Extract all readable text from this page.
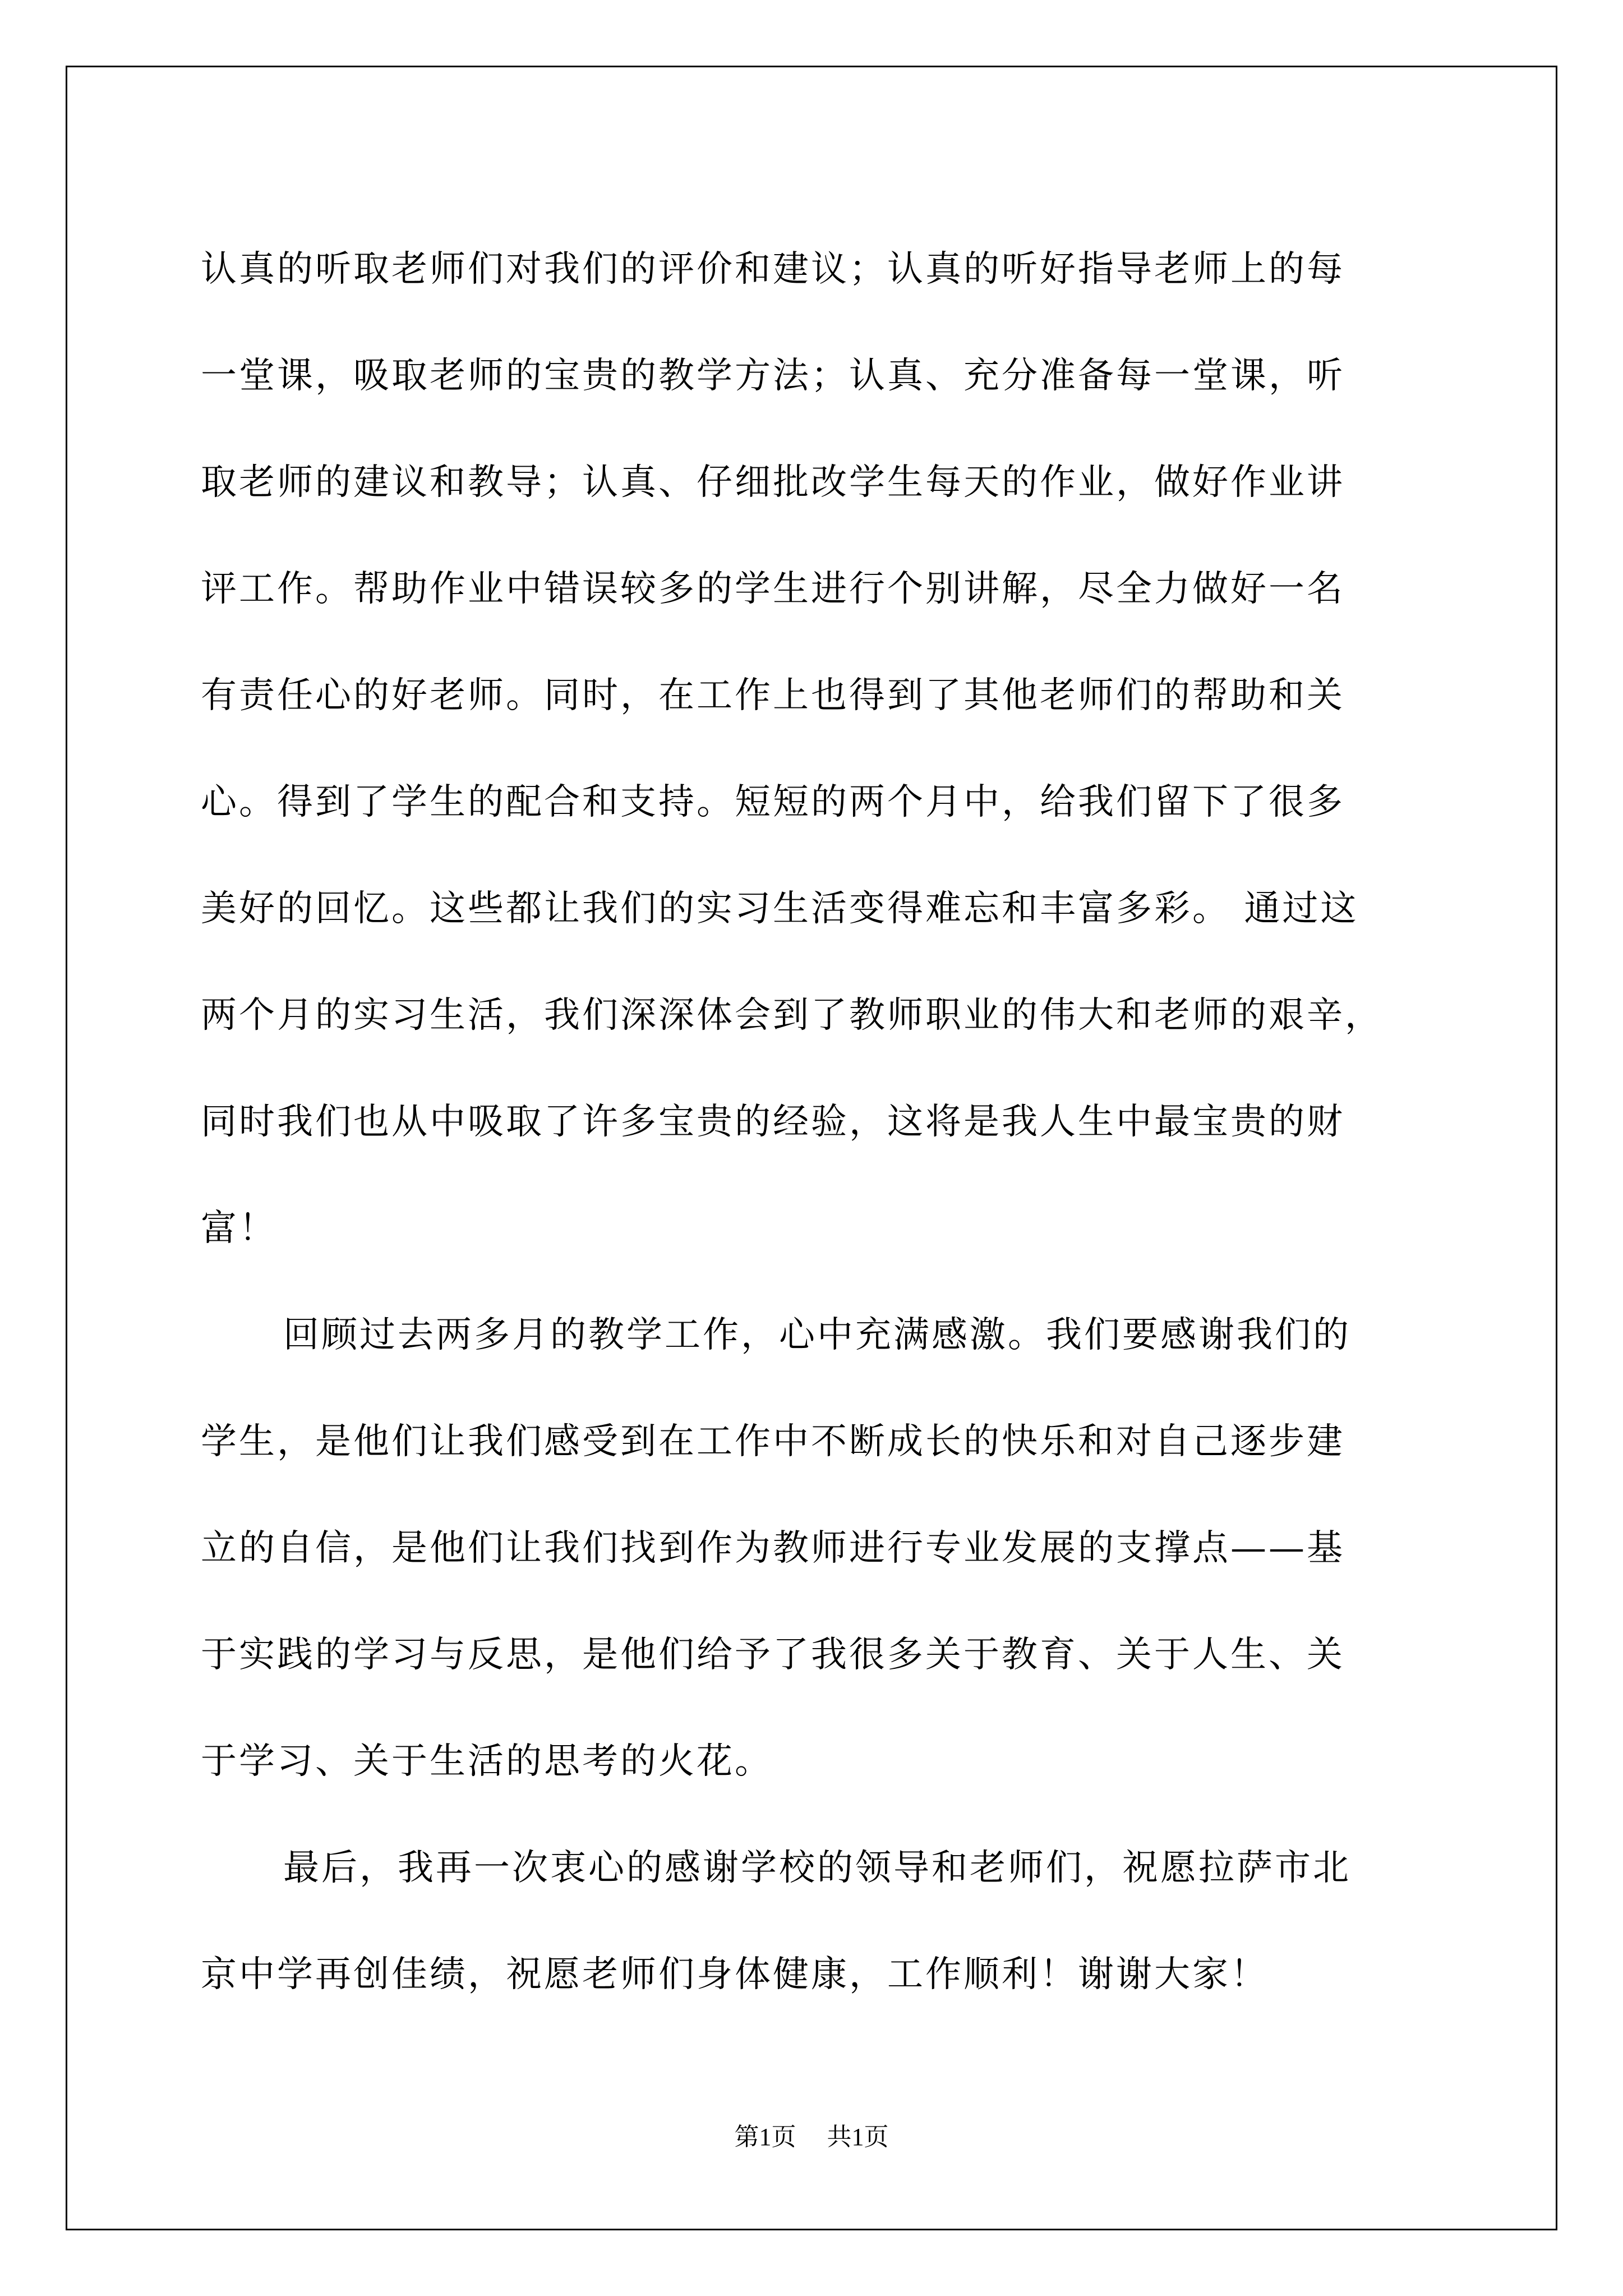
认真的听取老师们对我们的评价和建议；认真的听好指导老师上的每
一堂课，吸取老师的宝贵的教学方法；认真、充分准备每一堂课，听
取老师的建议和教导；认真、仔细批改学生每天的作业，做好作业讲
评工作。帮助作业中错误较多的学生进行个别讲解，尽全力做好一名
有责任心的好老师。同时，在工作上也得到了其他老师们的帮助和关
心。得到了学生的配合和支持。短短的两个月中，给我们留下了很多
美好的回忆。这些都让我们的实习生活变得难忘和丰富多彩。 通过这
两个月的实习生活，我们深深体会到了教师职业的伟大和老师的艰辛，
同时我们也从中吸取了许多宝贵的经验，这将是我人生中最宝贵的财
富！
回顾过去两多月的教学工作，心中充满感激。我们要感谢我们的
学生，是他们让我们感受到在工作中不断成长的快乐和对自己逐步建
立的自信，是他们让我们找到作为教师进行专业发展的支撑点——基
于实践的学习与反思，是他们给予了我很多关于教育、关于人生、关
于学习、关于生活的思考的火花。
最后，我再一次衷心的感谢学校的领导和老师们，祝愿拉萨市北
京中学再创佳绩，祝愿老师们身体健康，工作顺利！谢谢大家！
第1页 共1页
